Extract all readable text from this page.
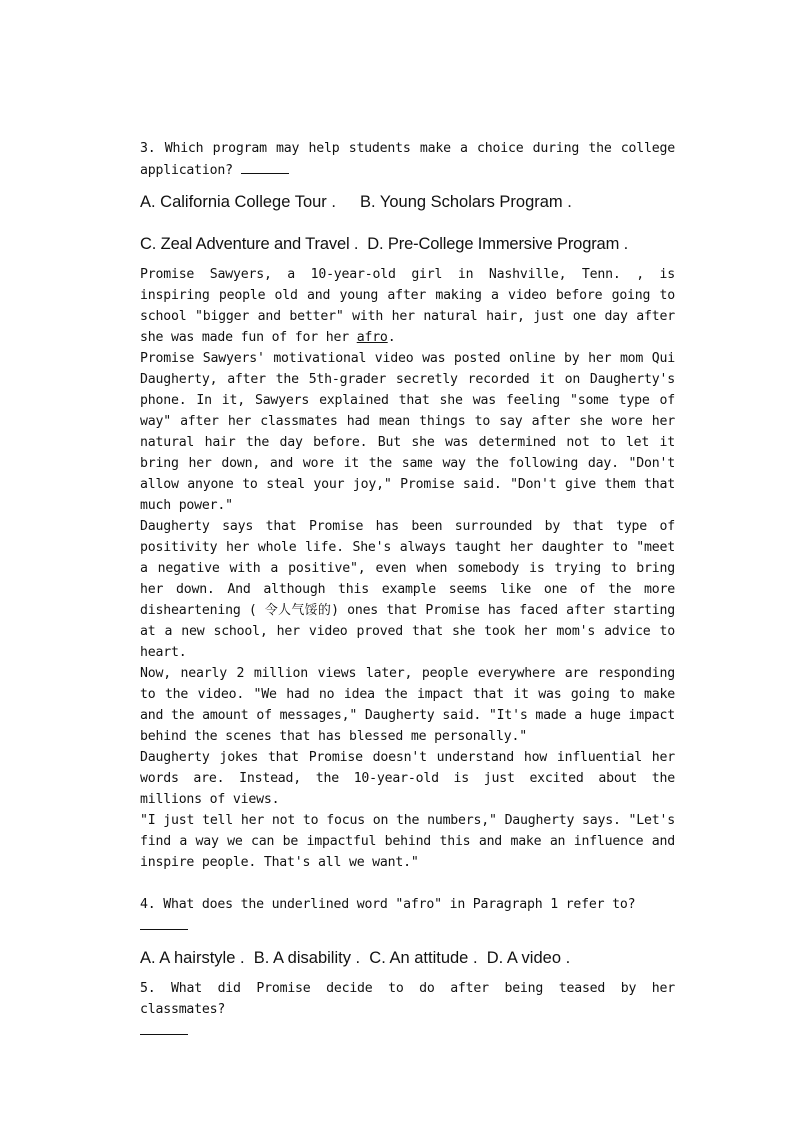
3. Which program may help students make a choice during the college application?

A. California College Tour . B. Young Scholars Program .

C. Zeal Adventure and Travel . D. Pre-College Immersive Program .

Promise Sawyers, a 10-year-old girl in Nashville, Tenn. , is inspiring people old and young after making a video before going to school "bigger and better" with her natural hair, just one day after she was made fun of for her afro.

Promise Sawyers' motivational video was posted online by her mom Qui Daugherty, after the 5th-grader secretly recorded it on Daugherty's phone. In it, Sawyers explained that she was feeling "some type of way" after her classmates had mean things to say after she wore her natural hair the day before. But she was determined not to let it bring her down, and wore it the same way the following day. "Don't allow anyone to steal your joy," Promise said. "Don't give them that much power."

Daugherty says that Promise has been surrounded by that type of positivity her whole life. She's always taught her daughter to "meet a negative with a positive", even when somebody is trying to bring her down. And although this example seems like one of the more disheartening ( 令人气馁的) ones that Promise has faced after starting at a new school, her video proved that she took her mom's advice to heart.

Now, nearly 2 million views later, people everywhere are responding to the video. "We had no idea the impact that it was going to make and the amount of messages," Daugherty said. "It's made a huge impact behind the scenes that has blessed me personally."

Daugherty jokes that Promise doesn't understand how influential her words are. Instead, the 10-year-old is just excited about the millions of views.

"I just tell her not to focus on the numbers," Daugherty says. "Let's find a way we can be impactful behind this and make an influence and inspire people. That's all we want."

4. What does the underlined word "afro" in Paragraph 1 refer to?

A. A hairstyle . B. A disability . C. An attitude . D. A video .

5. What did Promise decide to do after being teased by her classmates?
